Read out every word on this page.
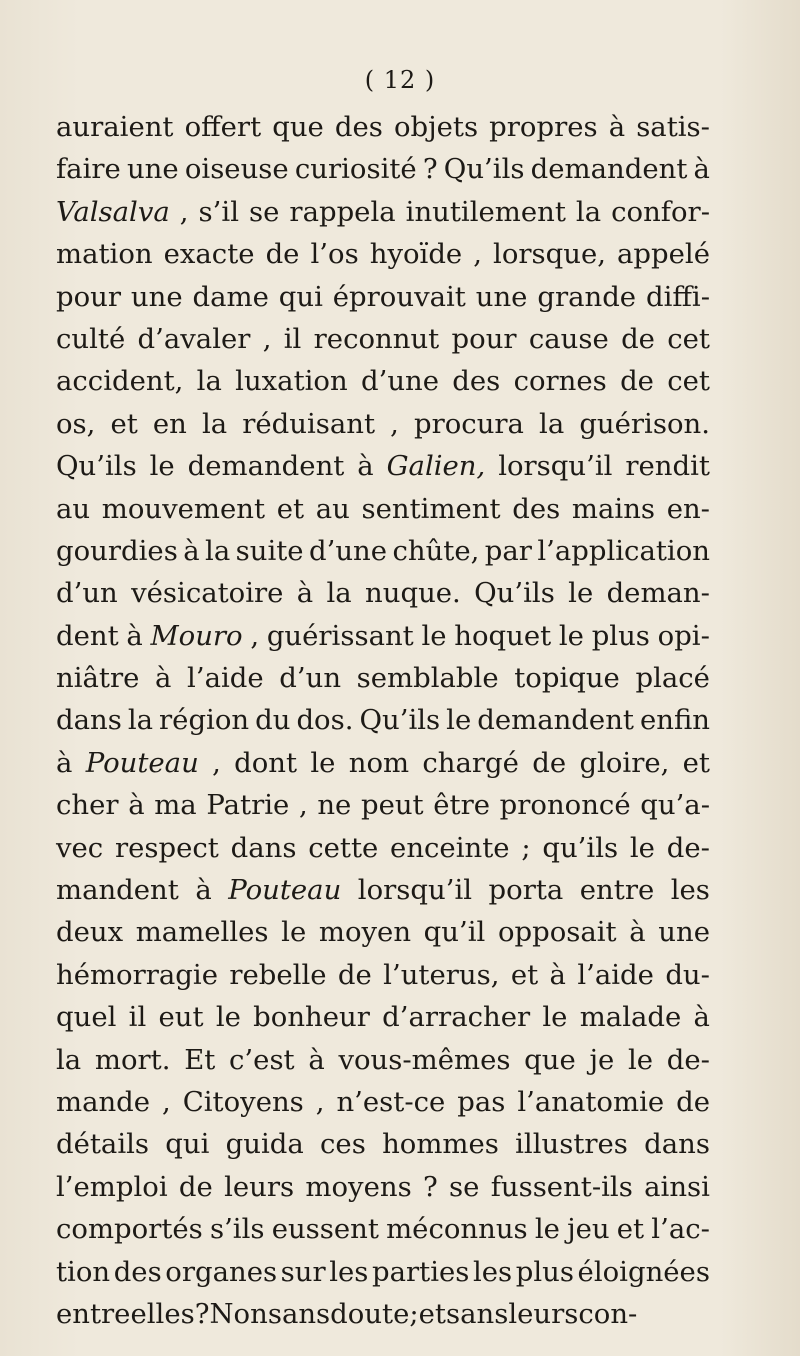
( 12 )
auraient offert que des objets propres à satis-
faire une oiseuse curiosité ? Qu’ils demandent à
Valsalva , s’il se rappela inutilement la confor-
mation exacte de l’os hyoïde , lorsque, appelé
pour une dame qui éprouvait une grande diffi-
culté d’avaler , il reconnut pour cause de cet
accident, la luxation d’une des cornes de cet
os, et en la réduisant , procura la guérison.
Qu’ils le demandent à Galien, lorsqu’il rendit
au mouvement et au sentiment des mains en-
gourdies à la suite d’une chûte, par l’application
d’un vésicatoire à la nuque. Qu’ils le deman-
dent à Mouro , guérissant le hoquet le plus opi-
niâtre à l’aide d’un semblable topique placé
dans la région du dos. Qu’ils le demandent enfin
à Pouteau , dont le nom chargé de gloire, et
cher à ma Patrie , ne peut être prononcé qu’a-
vec respect dans cette enceinte ; qu’ils le de-
mandent à Pouteau lorsqu’il porta entre les
deux mamelles le moyen qu’il opposait à une
hémorragie rebelle de l’uterus, et à l’aide du-
quel il eut le bonheur d’arracher le malade à
la mort. Et c’est à vous-mêmes que je le de-
mande , Citoyens , n’est-ce pas l’anatomie de
détails qui guida ces hommes illustres dans
l’emploi de leurs moyens ? se fussent-ils ainsi
comportés s’ils eussent méconnus le jeu et l’ac-
tion des organes sur les parties les plus éloignées
entre elles ? Non sans doute ; et sans leurs con-
